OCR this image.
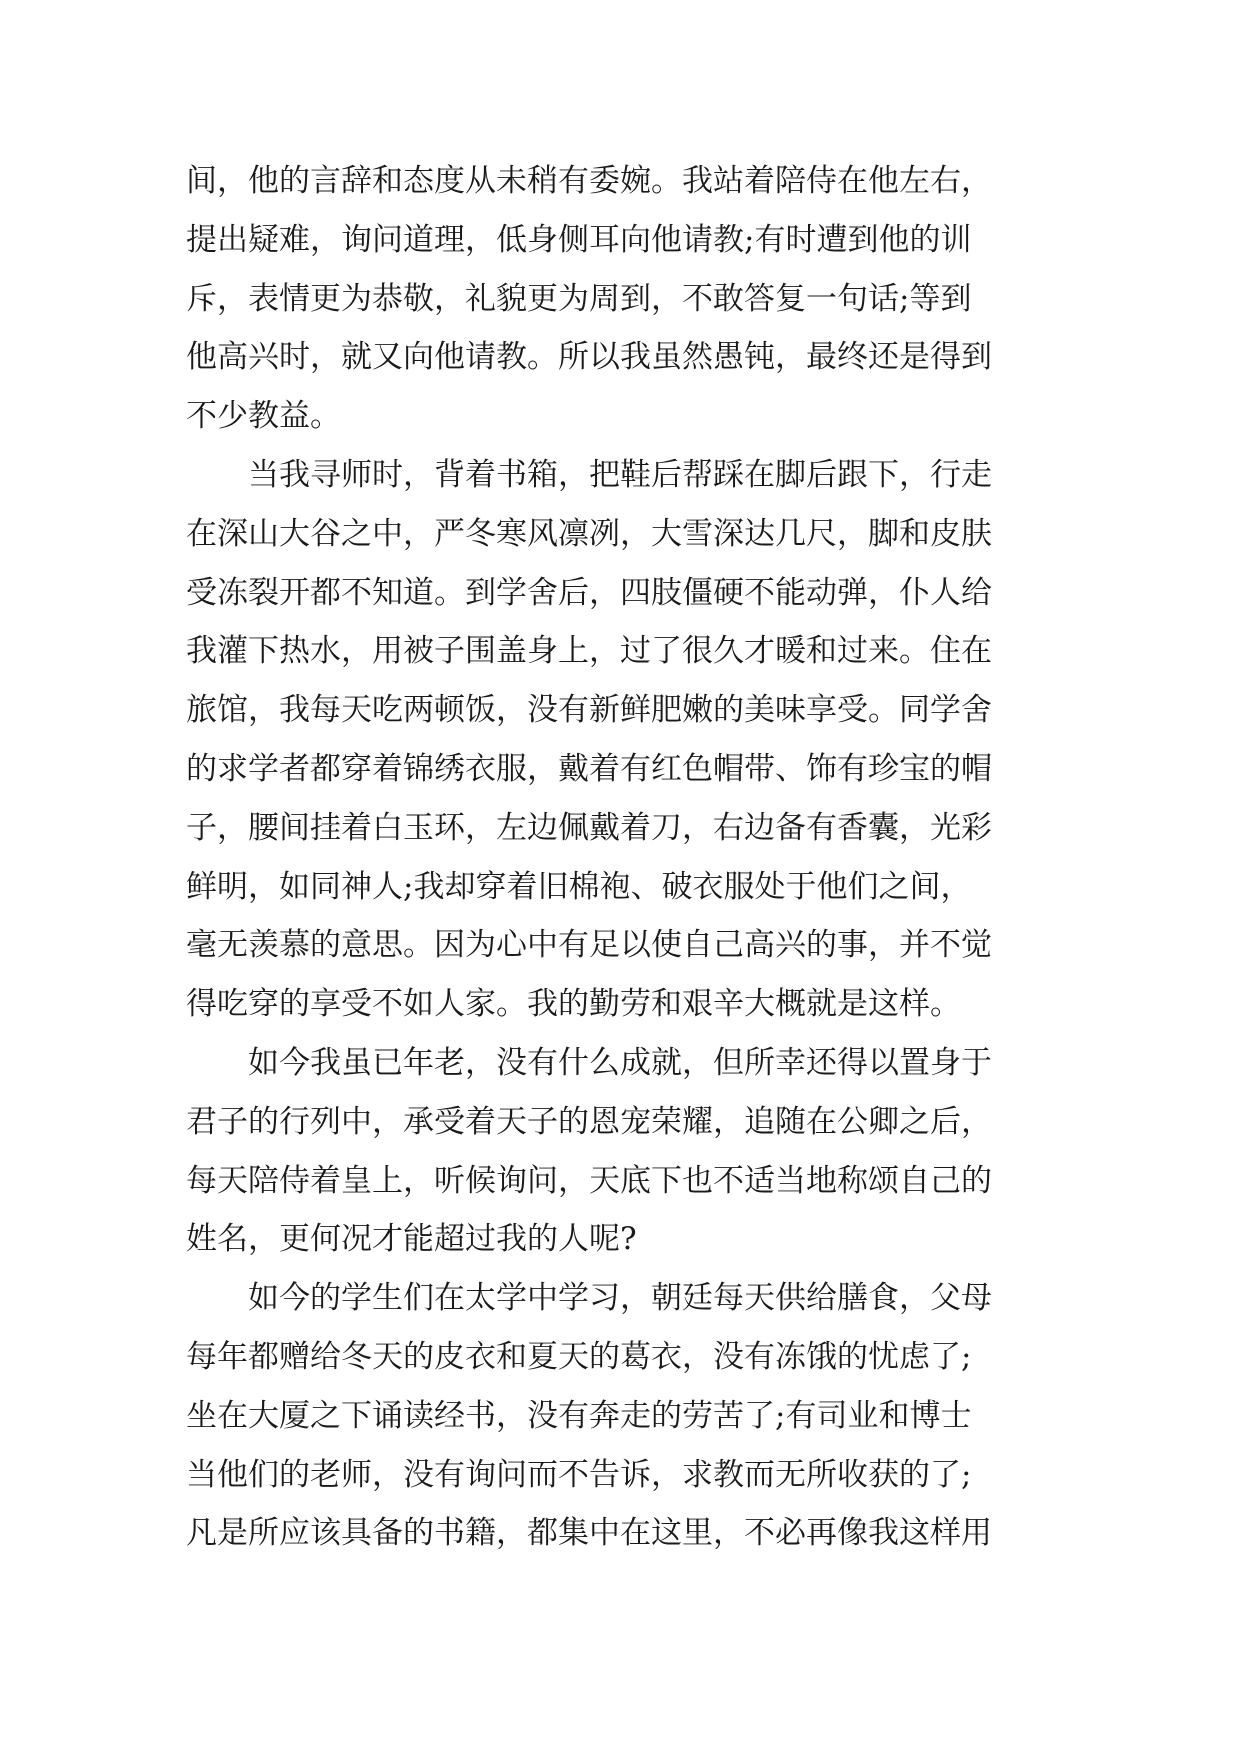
间，他的言辞和态度从未稍有委婉。我站着陪侍在他左右，
提出疑难，询问道理，低身侧耳向他请教;有时遭到他的训
斥，表情更为恭敬，礼貌更为周到，不敢答复一句话;等到
他高兴时，就又向他请教。所以我虽然愚钝，最终还是得到
不少教益。
　　当我寻师时，背着书箱，把鞋后帮踩在脚后跟下，行走
在深山大谷之中，严冬寒风凛冽，大雪深达几尺，脚和皮肤
受冻裂开都不知道。到学舍后，四肢僵硬不能动弹，仆人给
我灌下热水，用被子围盖身上，过了很久才暖和过来。住在
旅馆，我每天吃两顿饭，没有新鲜肥嫩的美味享受。同学舍
的求学者都穿着锦绣衣服，戴着有红色帽带、饰有珍宝的帽
子，腰间挂着白玉环，左边佩戴着刀，右边备有香囊，光彩
鲜明，如同神人;我却穿着旧棉袍、破衣服处于他们之间，
毫无羡慕的意思。因为心中有足以使自己高兴的事，并不觉
得吃穿的享受不如人家。我的勤劳和艰辛大概就是这样。
　　如今我虽已年老，没有什么成就，但所幸还得以置身于
君子的行列中，承受着天子的恩宠荣耀，追随在公卿之后，
每天陪侍着皇上，听候询问，天底下也不适当地称颂自己的
姓名，更何况才能超过我的人呢?
　　如今的学生们在太学中学习，朝廷每天供给膳食，父母
每年都赠给冬天的皮衣和夏天的葛衣，没有冻饿的忧虑了;
坐在大厦之下诵读经书，没有奔走的劳苦了;有司业和博士
当他们的老师，没有询问而不告诉，求教而无所收获的了;
凡是所应该具备的书籍，都集中在这里，不必再像我这样用
